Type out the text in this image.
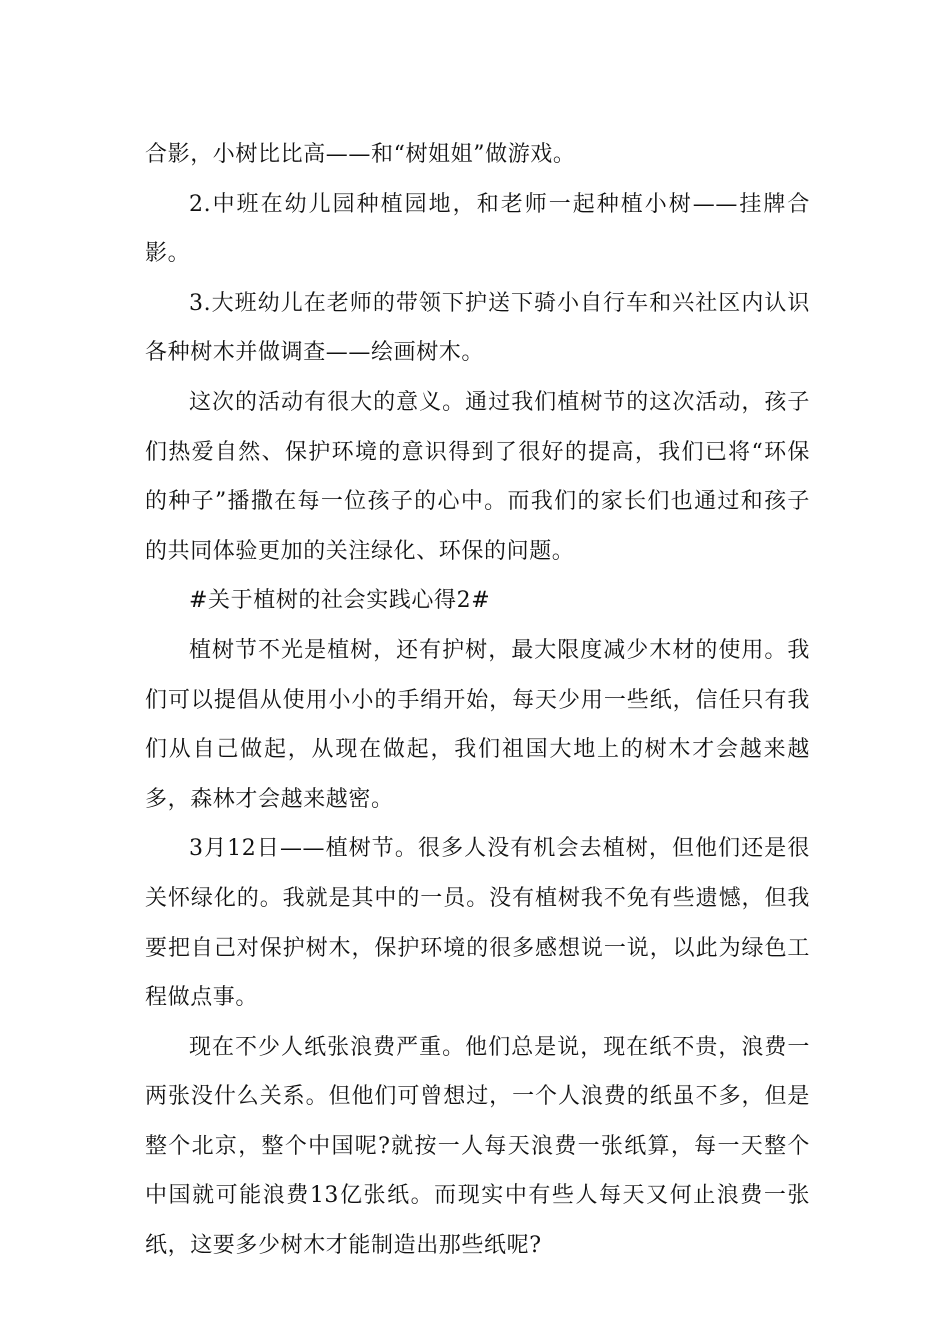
合影，小树比比高——和“树姐姐”做游戏。

2.中班在幼儿园种植园地，和老师一起种植小树——挂牌合影。

3.大班幼儿在老师的带领下护送下骑小自行车和兴社区内认识各种树木并做调查——绘画树木。

这次的活动有很大的意义。通过我们植树节的这次活动，孩子们热爱自然、保护环境的意识得到了很好的提高，我们已将“环保的种子”播撒在每一位孩子的心中。而我们的家长们也通过和孩子的共同体验更加的关注绿化、环保的问题。

#关于植树的社会实践心得2#

植树节不光是植树，还有护树，最大限度减少木材的使用。我们可以提倡从使用小小的手绢开始，每天少用一些纸，信任只有我们从自己做起，从现在做起，我们祖国大地上的树木才会越来越多，森林才会越来越密。

3月12日——植树节。很多人没有机会去植树，但他们还是很关怀绿化的。我就是其中的一员。没有植树我不免有些遗憾，但我要把自己对保护树木，保护环境的很多感想说一说，以此为绿色工程做点事。

现在不少人纸张浪费严重。他们总是说，现在纸不贵，浪费一两张没什么关系。但他们可曾想过，一个人浪费的纸虽不多，但是整个北京，整个中国呢?就按一人每天浪费一张纸算，每一天整个中国就可能浪费13亿张纸。而现实中有些人每天又何止浪费一张纸，这要多少树木才能制造出那些纸呢?
